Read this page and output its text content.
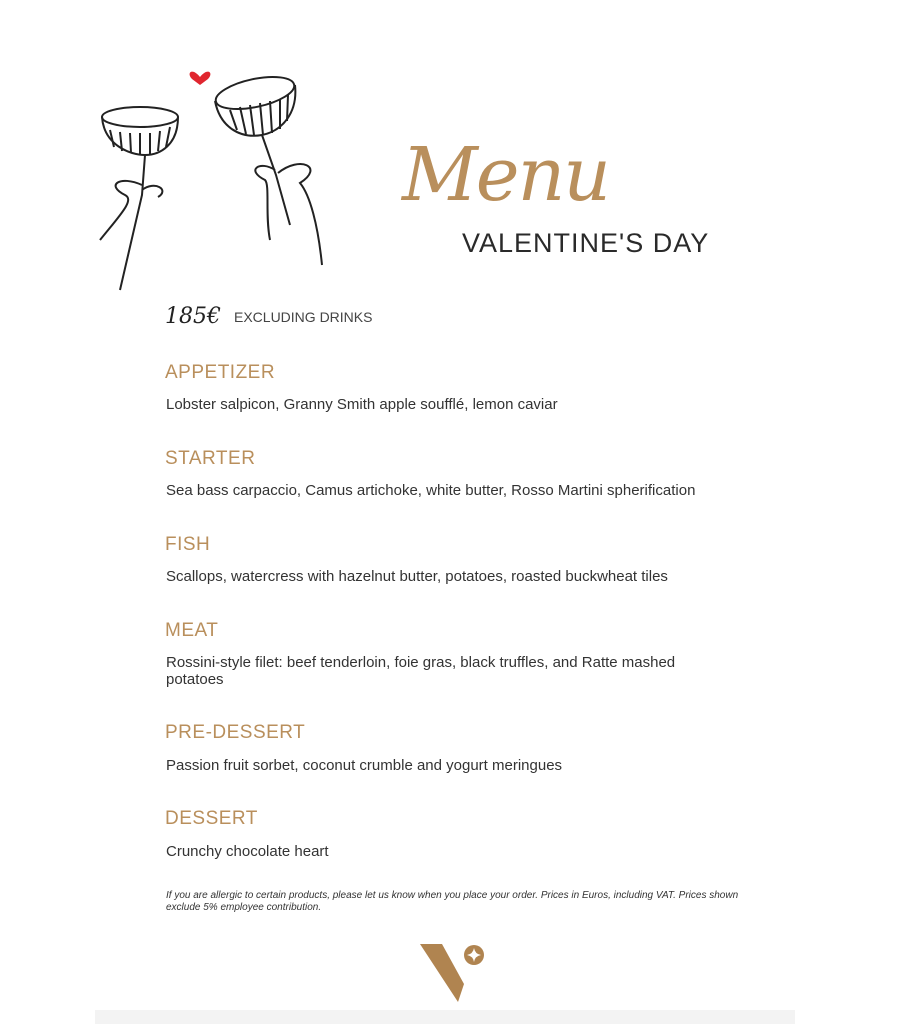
Menu
VALENTINE'S DAY
185€ EXCLUDING DRINKS
APPETIZER
Lobster salpicon, Granny Smith apple soufflé, lemon caviar
STARTER
Sea bass carpaccio, Camus artichoke, white butter, Rosso Martini spherification
FISH
Scallops, watercress with hazelnut butter, potatoes, roasted buckwheat tiles
MEAT
Rossini-style filet: beef tenderloin, foie gras, black truffles, and Ratte mashed potatoes
PRE-DESSERT
Passion fruit sorbet, coconut crumble and yogurt meringues
DESSERT
Crunchy chocolate heart
If you are allergic to certain products, please let us know when you place your order. Prices in Euros, including VAT. Prices shown exclude 5% employee contribution.
